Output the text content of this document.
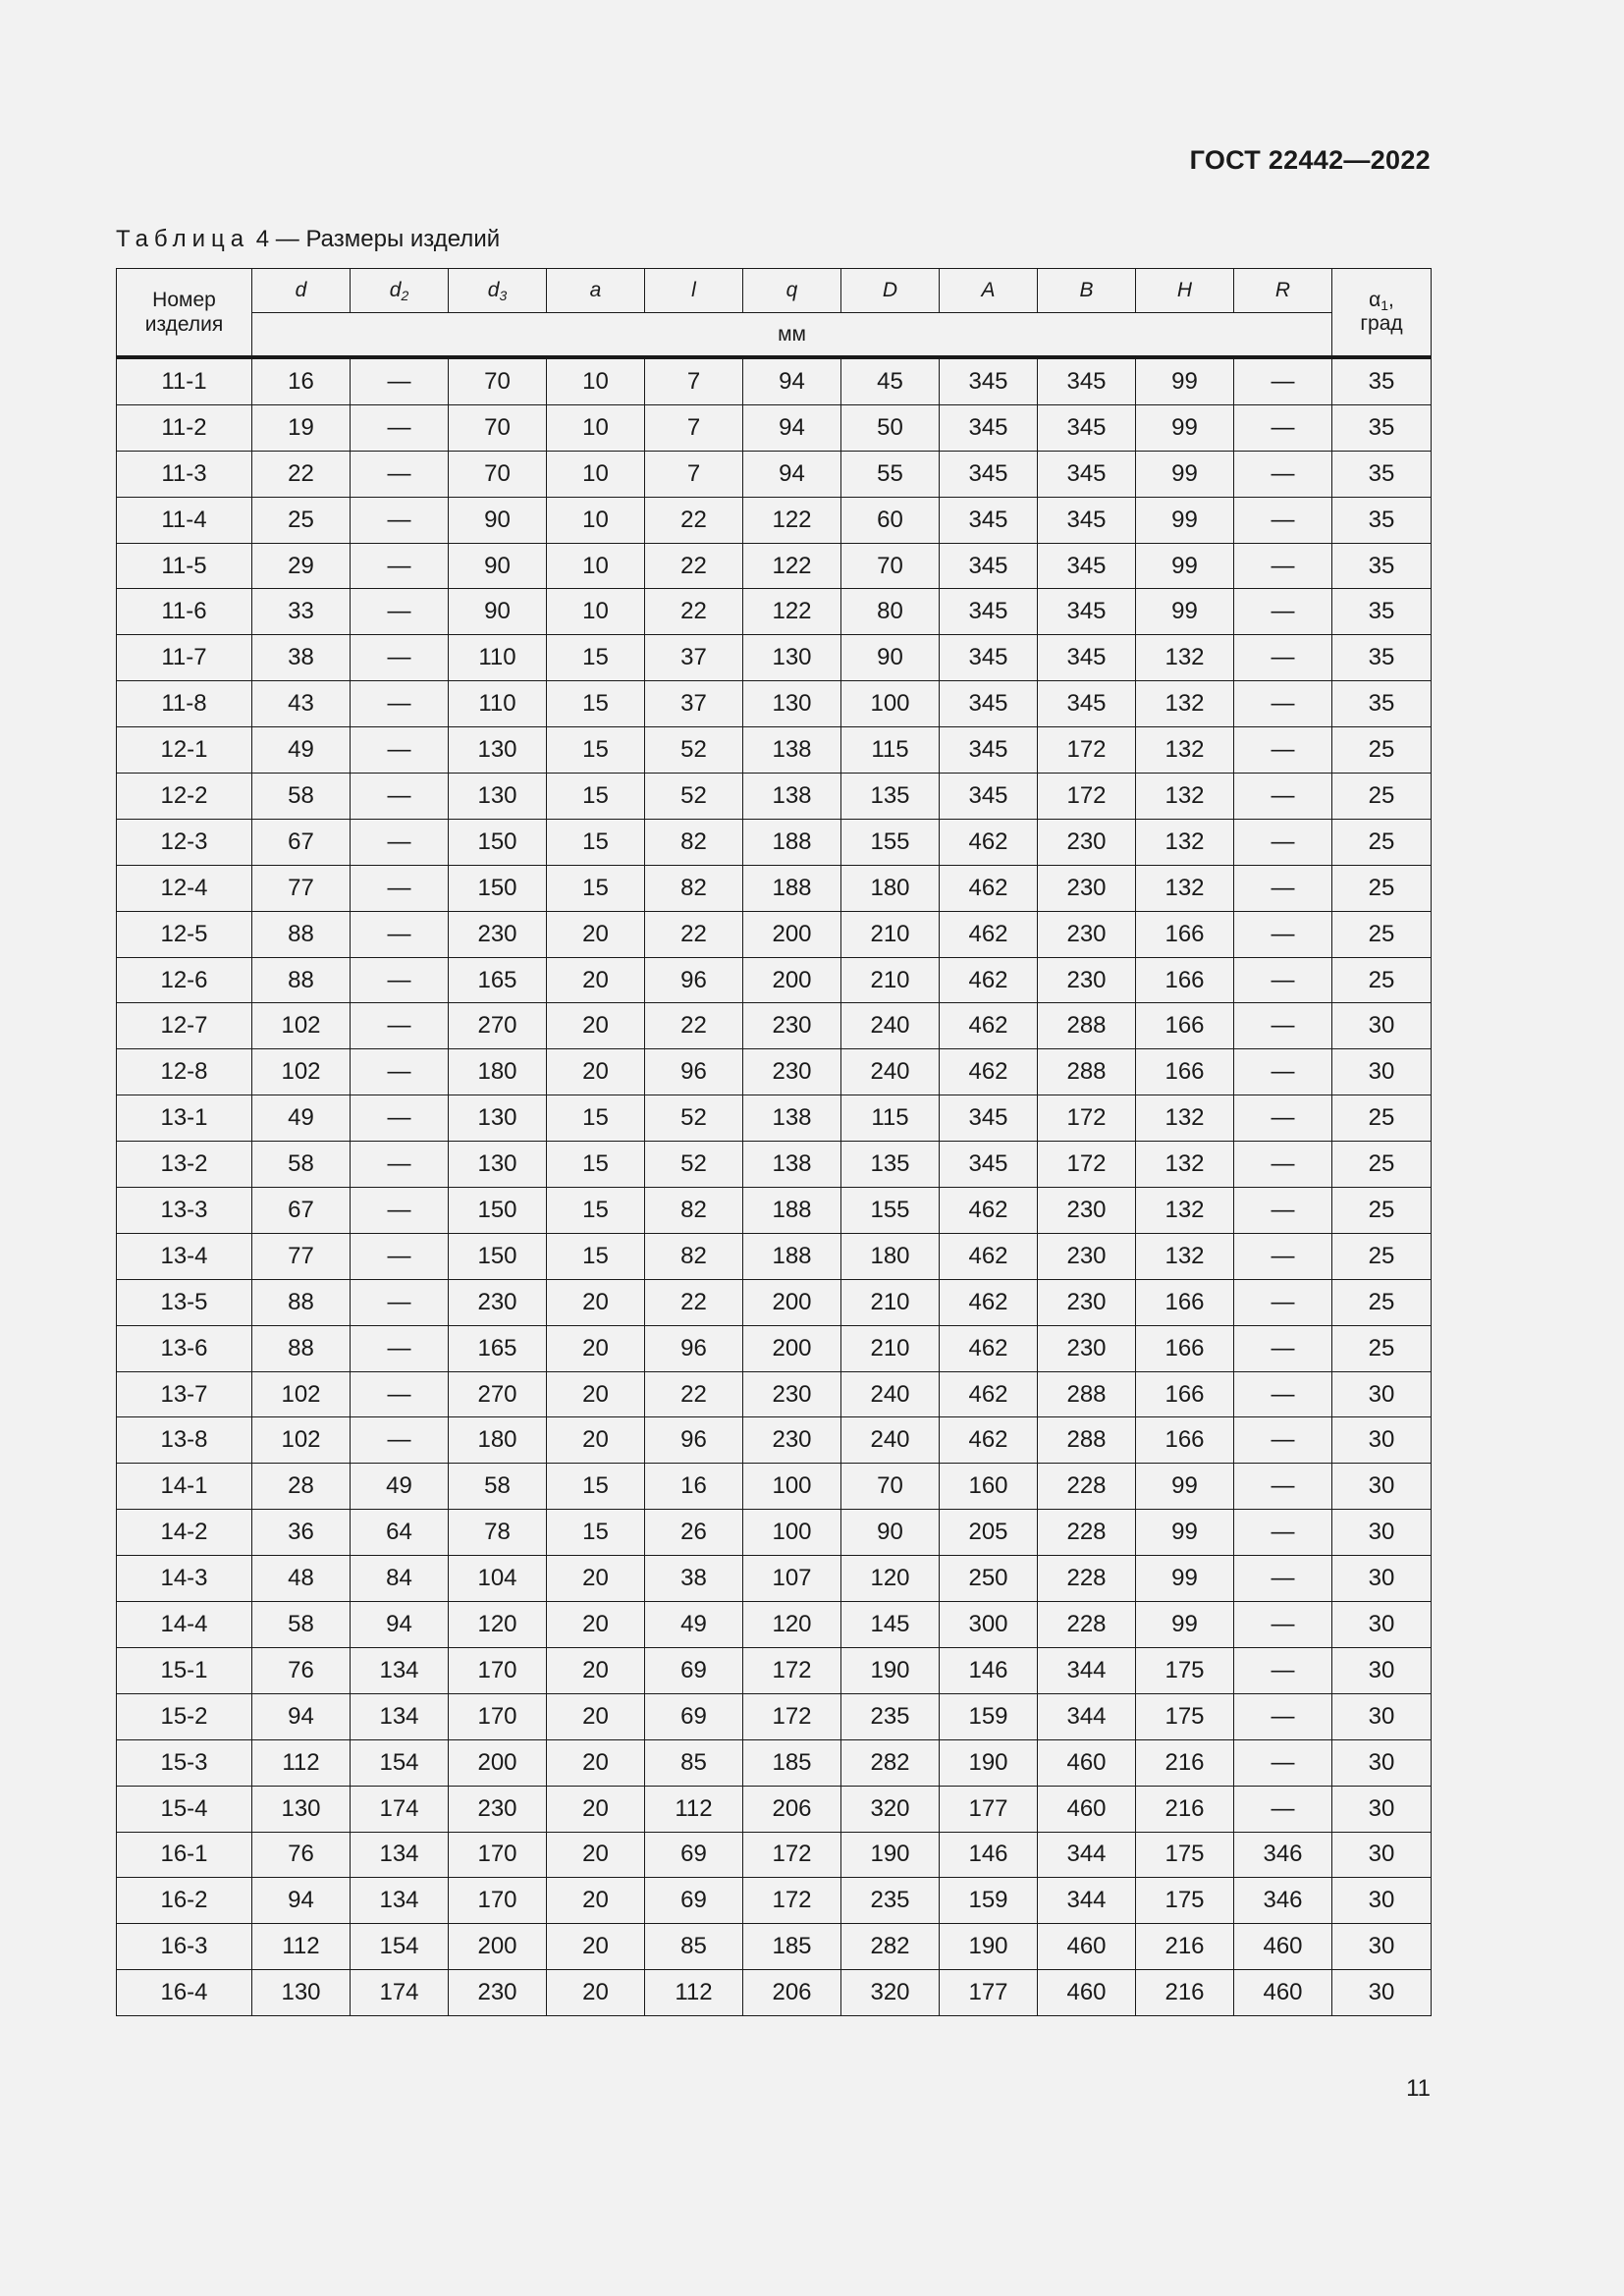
ГОСТ 22442—2022
Таблица 4 — Размеры изделий
Номер изделия	d	$d_2$	$d_3$	a	l	q	D	A	B	H	R	$\alpha_1$,
град
	мм											
11-1	16	—	70	10	7	94	45	345	345	99	—	35
11-2	19	—	70	10	7	94	50	345	345	99	—	35
11-3	22	—	70	10	7	94	55	345	345	99	—	35
11-4	25	—	90	10	22	122	60	345	345	99	—	35
11-5	29	—	90	10	22	122	70	345	345	99	—	35
11-6	33	—	90	10	22	122	80	345	345	99	—	35
11-7	38	—	110	15	37	130	90	345	345	132	—	35
11-8	43	—	110	15	37	130	100	345	345	132	—	35
12-1	49	—	130	15	52	138	115	345	172	132	—	25
12-2	58	—	130	15	52	138	135	345	172	132	—	25
12-3	67	—	150	15	82	188	155	462	230	132	—	25
12-4	77	—	150	15	82	188	180	462	230	132	—	25
12-5	88	—	230	20	22	200	210	462	230	166	—	25
12-6	88	—	165	20	96	200	210	462	230	166	—	25
12-7	102	—	270	20	22	230	240	462	288	166	—	30
12-8	102	—	180	20	96	230	240	462	288	166	—	30
13-1	49	—	130	15	52	138	115	345	172	132	—	25
13-2	58	—	130	15	52	138	135	345	172	132	—	25
13-3	67	—	150	15	82	188	155	462	230	132	—	25
13-4	77	—	150	15	82	188	180	462	230	132	—	25
13-5	88	—	230	20	22	200	210	462	230	166	—	25
13-6	88	—	165	20	96	200	210	462	230	166	—	25
13-7	102	—	270	20	22	230	240	462	288	166	—	30
13-8	102	—	180	20	96	230	240	462	288	166	—	30
14-1	28	49	58	15	16	100	70	160	228	99	—	30
14-2	36	64	78	15	26	100	90	205	228	99	—	30
14-3	48	84	104	20	38	107	120	250	228	99	—	30
14-4	58	94	120	20	49	120	145	300	228	99	—	30
15-1	76	134	170	20	69	172	190	146	344	175	—	30
15-2	94	134	170	20	69	172	235	159	344	175	—	30
15-3	112	154	200	20	85	185	282	190	460	216	—	30
15-4	130	174	230	20	112	206	320	177	460	216	—	30
16-1	76	134	170	20	69	172	190	146	344	175	346	30
16-2	94	134	170	20	69	172	235	159	344	175	346	30
16-3	112	154	200	20	85	185	282	190	460	216	460	30
16-4	130	174	230	20	112	206	320	177	460	216	460	30
11
